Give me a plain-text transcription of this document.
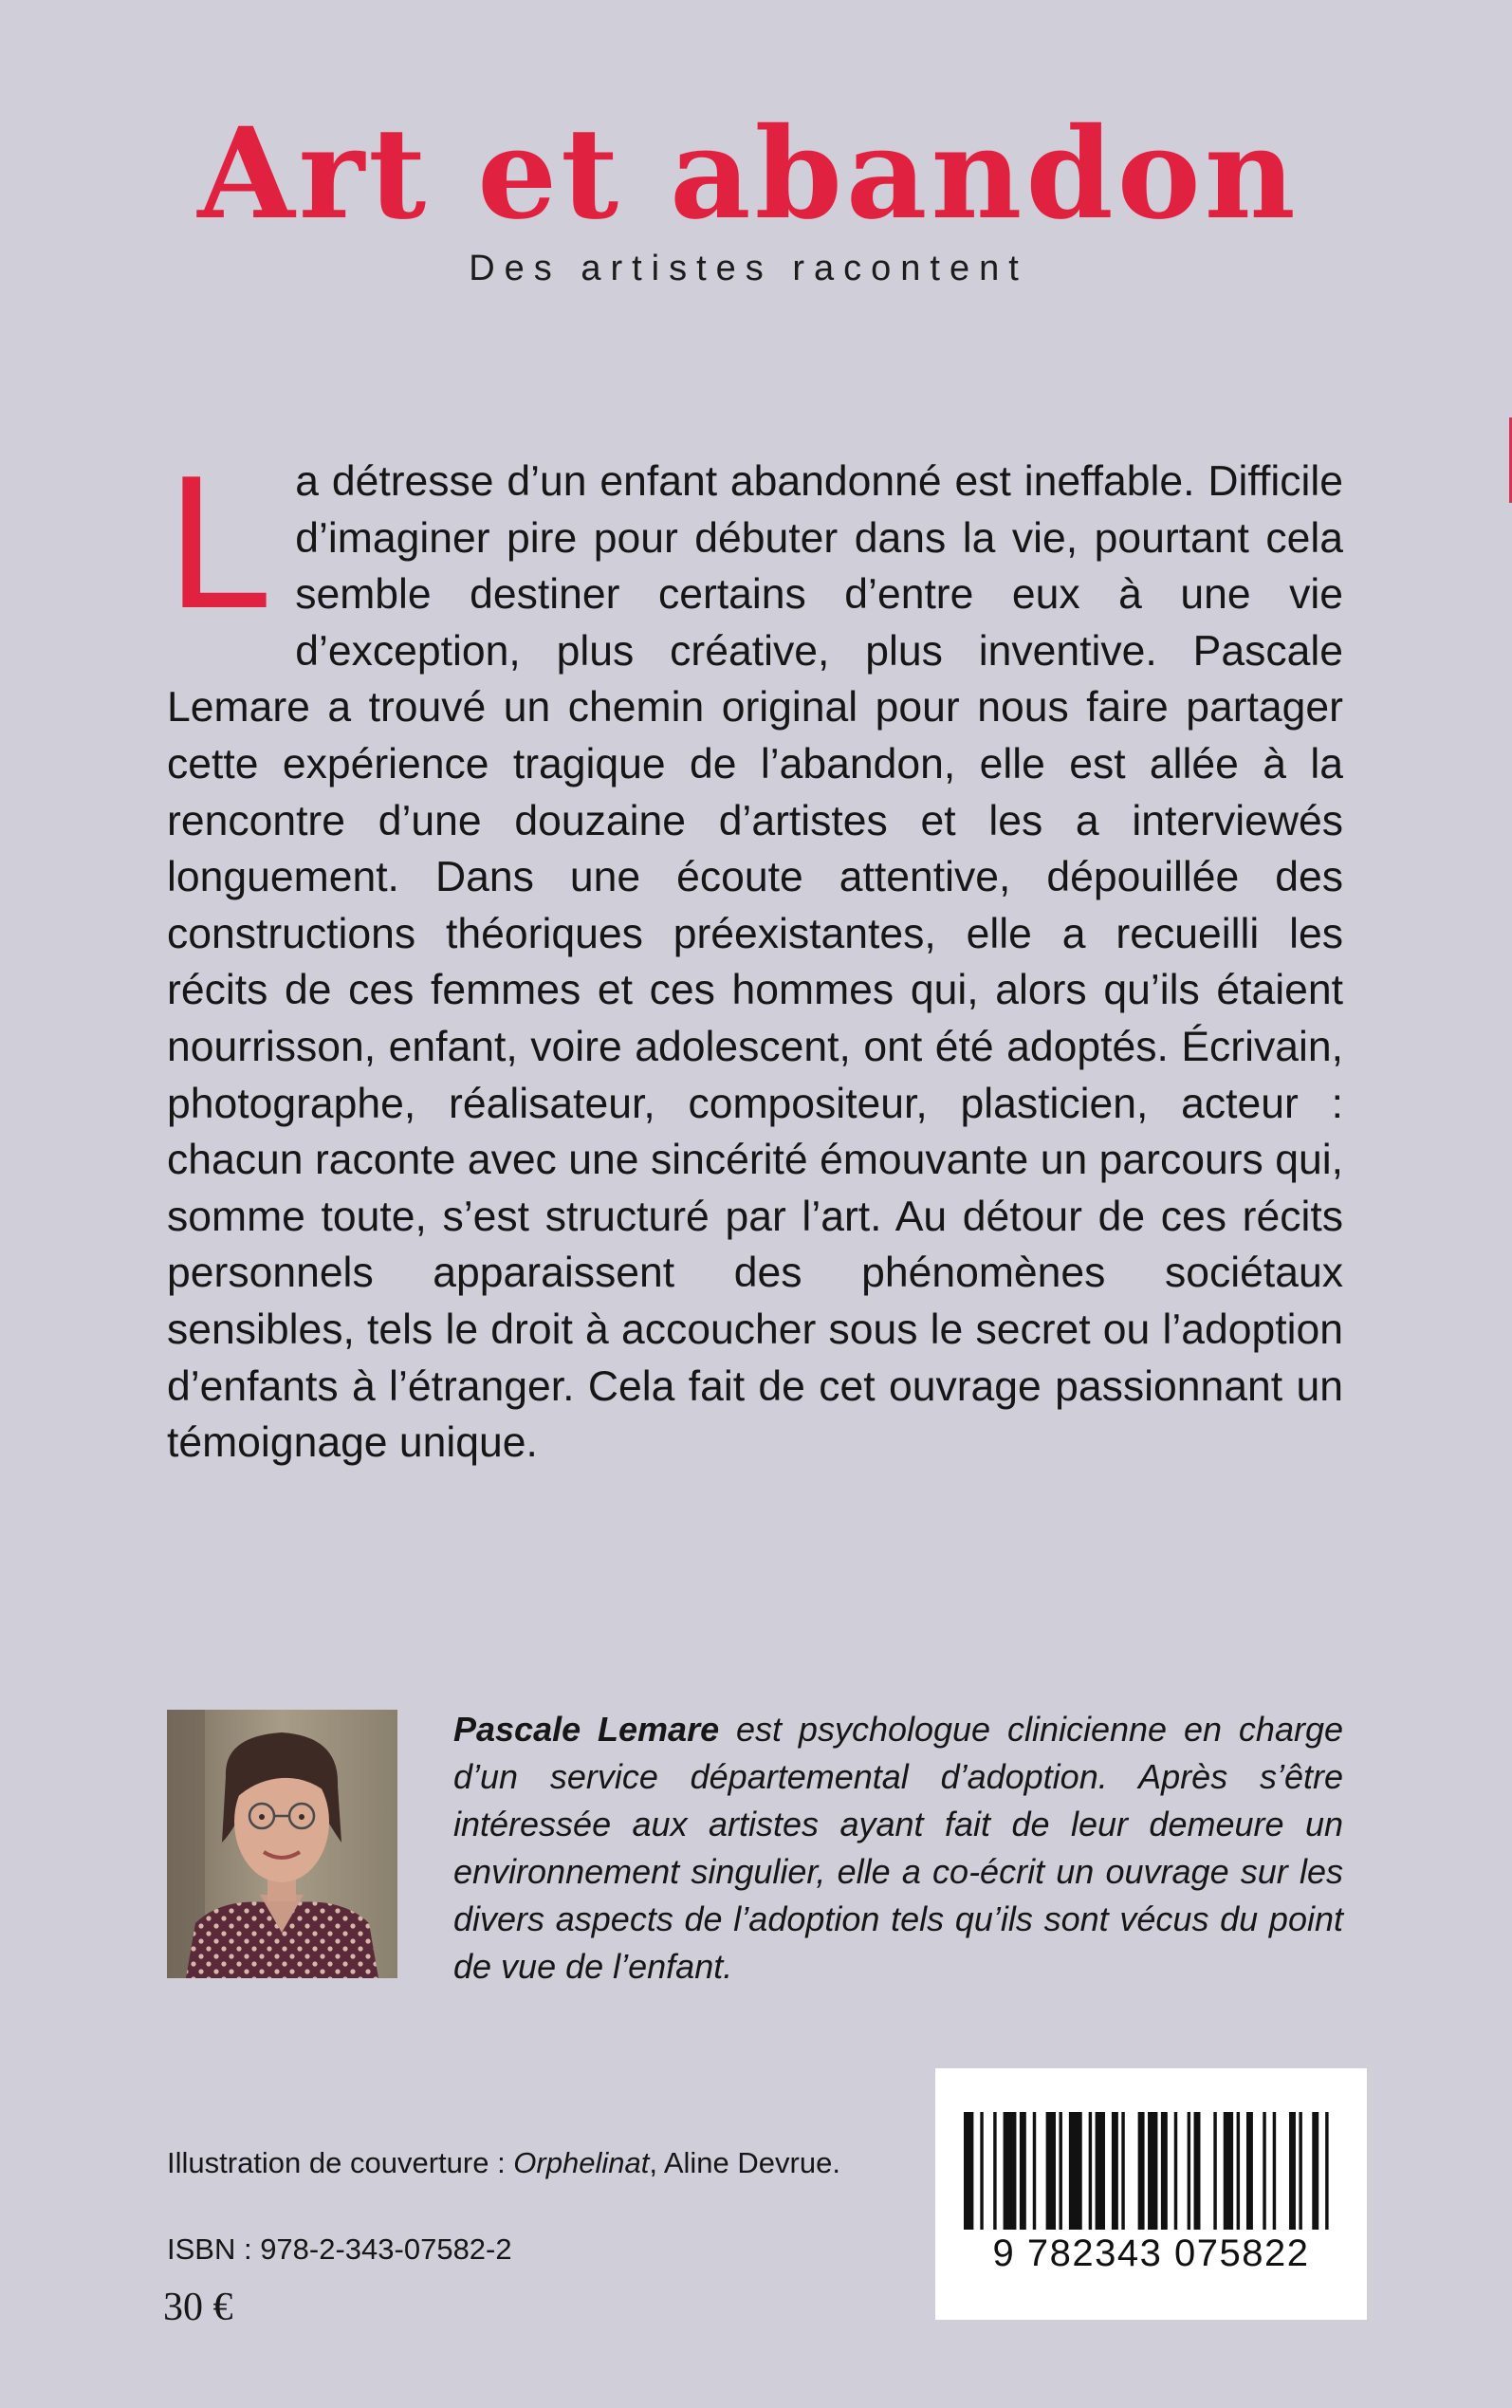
Art et abandon
Des artistes racontent
L a détresse d’un enfant abandonné est ineffable. Difficile d’imaginer pire pour débuter dans la vie, pourtant cela semble destiner certains d’entre eux à une vie d’exception, plus créative, plus inventive. Pascale Lemare a trouvé un chemin original pour nous faire partager cette expérience tragique de l’abandon, elle est allée à la rencontre d’une douzaine d’artistes et les a interviewés longuement. Dans une écoute attentive, dépouillée des constructions théoriques préexistantes, elle a recueilli les récits de ces femmes et ces hommes qui, alors qu’ils étaient nourrisson, enfant, voire adolescent, ont été adoptés. Écrivain, photographe, réalisateur, compositeur, plasticien, acteur : chacun raconte avec une sincérité émouvante un parcours qui, somme toute, s’est structuré par l’art. Au détour de ces récits personnels apparaissent des phénomènes sociétaux sensibles, tels le droit à accoucher sous le secret ou l’adoption d’enfants à l’étranger. Cela fait de cet ouvrage passionnant un témoignage unique.

Pascale Lemare est psychologue clinicienne en charge d’un service départemental d’adoption. Après s’être intéressée aux artistes ayant fait de leur demeure un environnement singulier, elle a co-écrit un ouvrage sur les divers aspects de l’adoption tels qu’ils sont vécus du point de vue de l’enfant.

Illustration de couverture : Orphelinat, Aline Devrue.
ISBN : 978-2-343-07582-2
30 €
9 782343 075822
